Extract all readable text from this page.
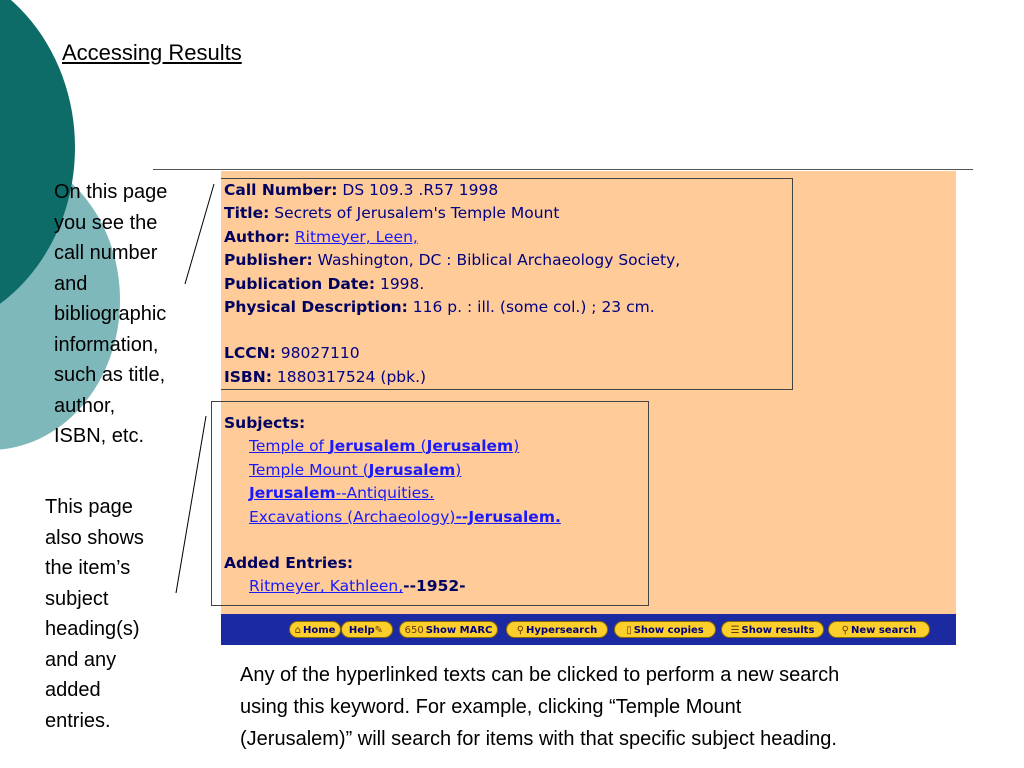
Accessing Results
Call Number: DS 109.3 .R57 1998
Title: Secrets of Jerusalem's Temple Mount
Author: Ritmeyer, Leen,
Publisher: Washington, DC : Biblical Archaeology Society,
Publication Date: 1998.
Physical Description: 116 p. : ill. (some col.) ; 23 cm.
LCCN: 98027110
ISBN: 1880317524 (pbk.)
Subjects:
Temple of Jerusalem (Jerusalem)
Temple Mount (Jerusalem)
Jerusalem--Antiquities.
Excavations (Archaeology)--Jerusalem.
Added Entries:
Ritmeyer, Kathleen,--1952-
⌂ Home	Help✎	650 Show MARC	⚲ Hypersearch	▯ Show copies	☰ Show results	⚲ New search
On this page
you see the
call number
and
bibliographic
information,
such as title,
author,
ISBN, etc.
This page
also shows
the item’s
subject
heading(s)
and any
added
entries.
Any of the hyperlinked texts can be clicked to perform a new search
using this keyword. For example, clicking “Temple Mount
(Jerusalem)” will search for items with that specific subject heading.
